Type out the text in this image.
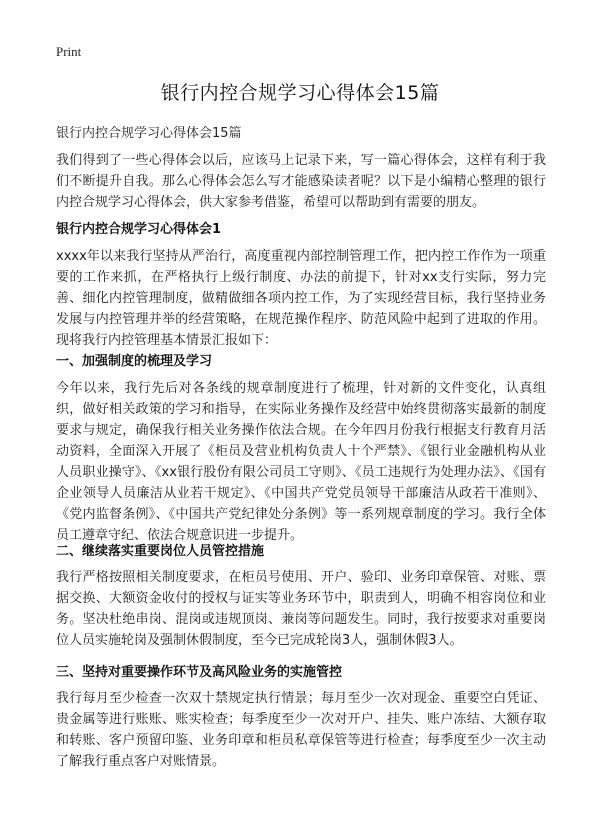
Print
银行内控合规学习心得体会15篇
银行内控合规学习心得体会15篇

我们得到了一些心得体会以后，应该马上记录下来，写一篇心得体会，这样有利于我们不断提升自我。那么心得体会怎么写才能感染读者呢？以下是小编精心整理的银行内控合规学习心得体会，供大家参考借鉴，希望可以帮助到有需要的朋友。

银行内控合规学习心得体会1

xxxx年以来我行坚持从严治行，高度重视内部控制管理工作，把内控工作作为一项重要的工作来抓，在严格执行上级行制度、办法的前提下，针对xx支行实际，努力完善、细化内控管理制度，做精做细各项内控工作，为了实现经营目标，我行坚持业务发展与内控管理并举的经营策略，在规范操作程序、防范风险中起到了进取的作用。现将我行内控管理基本情景汇报如下：

一、加强制度的梳理及学习

今年以来，我行先后对各条线的规章制度进行了梳理，针对新的文件变化，认真组织，做好相关政策的学习和指导，在实际业务操作及经营中始终贯彻落实最新的制度要求与规定，确保我行相关业务操作依法合规。在今年四月份我行根据支行教育月活动资料，全面深入开展了《柜员及营业机构负责人十个严禁》、《银行业金融机构从业人员职业操守》、《xx银行股份有限公司员工守则》、《员工违规行为处理办法》、《国有企业领导人员廉洁从业若干规定》、《中国共产党党员领导干部廉洁从政若干准则》、《党内监督条例》、《中国共产党纪律处分条例》等一系列规章制度的学习。我行全体员工遵章守纪、依法合规意识进一步提升。

二、继续落实重要岗位人员管控措施

我行严格按照相关制度要求，在柜员号使用、开户、验印、业务印章保管、对账、票据交换、大额资金收付的授权与证实等业务环节中，职责到人，明确不相容岗位和业务。坚决杜绝串岗、混岗或违规顶岗、兼岗等问题发生。同时，我行按要求对重要岗位人员实施轮岗及强制休假制度，至今已完成轮岗3人，强制休假3人。

三、坚持对重要操作环节及高风险业务的实施管控

我行每月至少检查一次双十禁规定执行情景；每月至少一次对现金、重要空白凭证、贵金属等进行账账、账实检查；每季度至少一次对开户、挂失、账户冻结、大额存取和转账、客户预留印鉴、业务印章和柜员私章保管等进行检查；每季度至少一次主动了解我行重点客户对账情景。
